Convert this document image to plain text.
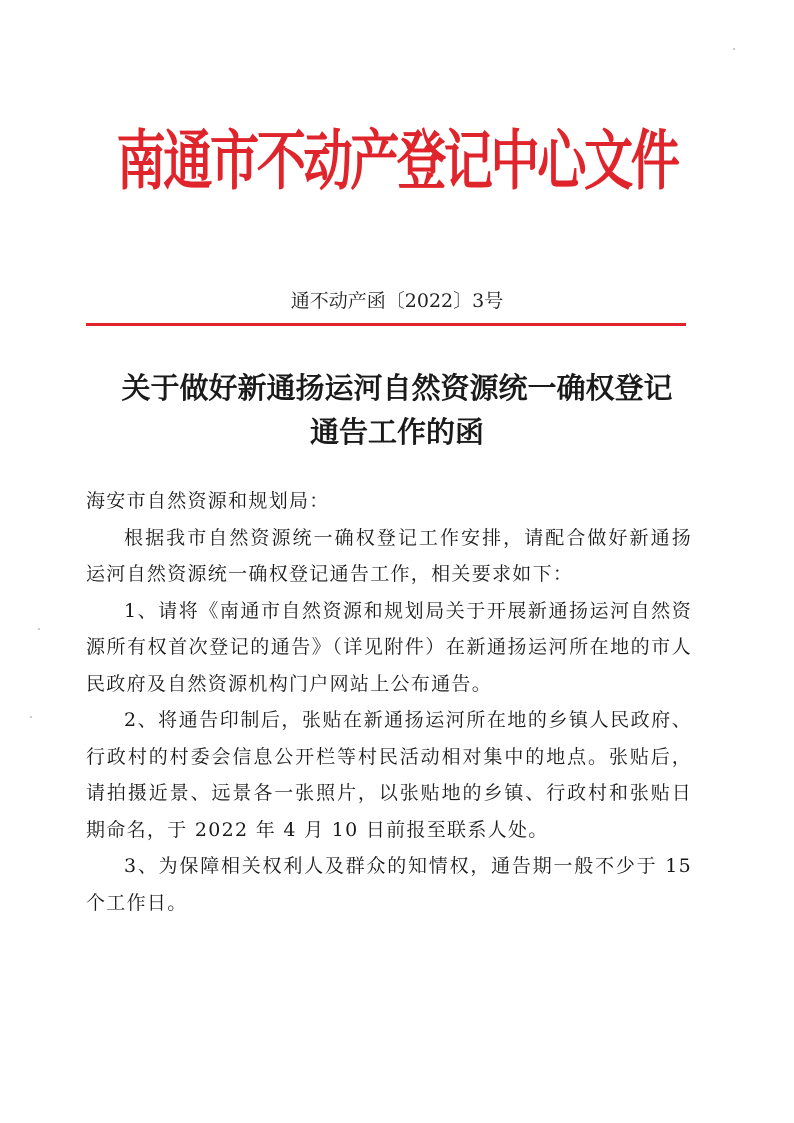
南通市不动产登记中心文件
通不动产函〔2022〕3号
关于做好新通扬运河自然资源统一确权登记
通告工作的函

海安市自然资源和规划局：

根据我市自然资源统一确权登记工作安排，请配合做好新通扬运河自然资源统一确权登记通告工作，相关要求如下：

1、请将《南通市自然资源和规划局关于开展新通扬运河自然资源所有权首次登记的通告》（详见附件）在新通扬运河所在地的市人民政府及自然资源机构门户网站上公布通告。

2、将通告印制后，张贴在新通扬运河所在地的乡镇人民政府、行政村的村委会信息公开栏等村民活动相对集中的地点。张贴后，请拍摄近景、远景各一张照片，以张贴地的乡镇、行政村和张贴日期命名，于 2022 年 4 月 10 日前报至联系人处。

3、为保障相关权利人及群众的知情权，通告期一般不少于 15 个工作日。
